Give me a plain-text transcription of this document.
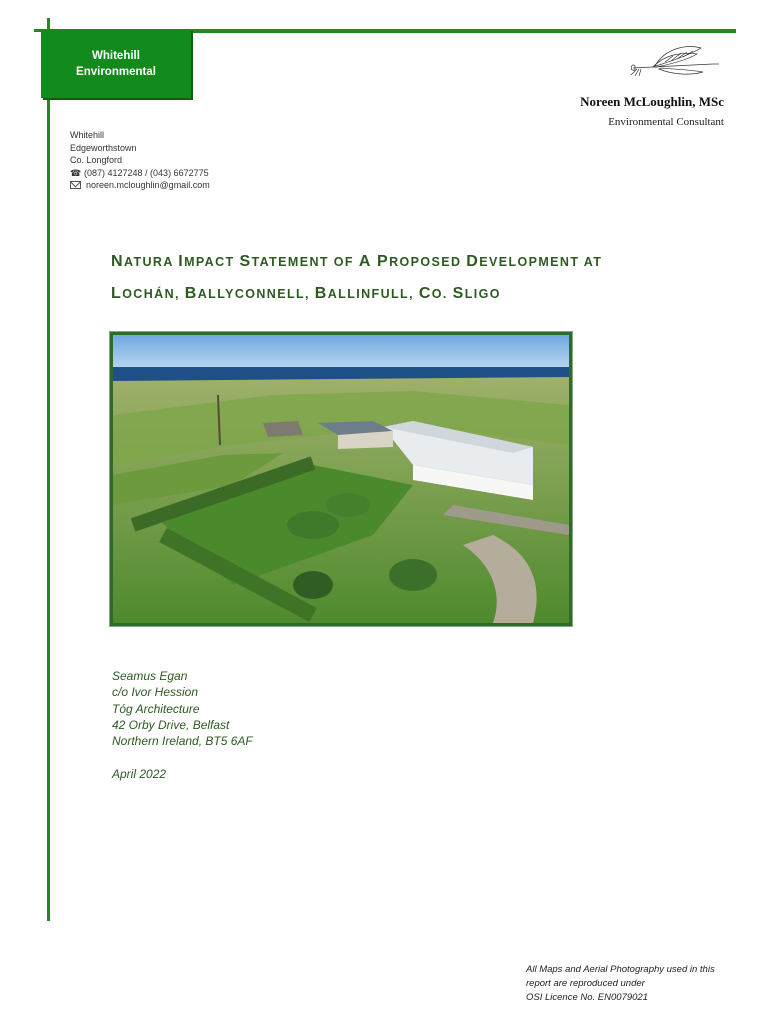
Whitehill
Environmental
Noreen McLoughlin, MSc
Environmental Consultant
Whitehill
Edgeworthstown
Co. Longford
☎ (087) 4127248 / (043) 6672775
noreen.mcloughlin@gmail.com
NATURA IMPACT STATEMENT OF A PROPOSED DEVELOPMENT AT
LOCHÁN, BALLYCONNELL, BALLINFULL, CO. SLIGO
Seamus Egan
c/o Ivor Hession
Tóg Architecture
42 Orby Drive, Belfast
Northern Ireland, BT5 6AF
April 2022
All Maps and Aerial Photography used in this
report are reproduced under
OSI Licence No. EN0079021
